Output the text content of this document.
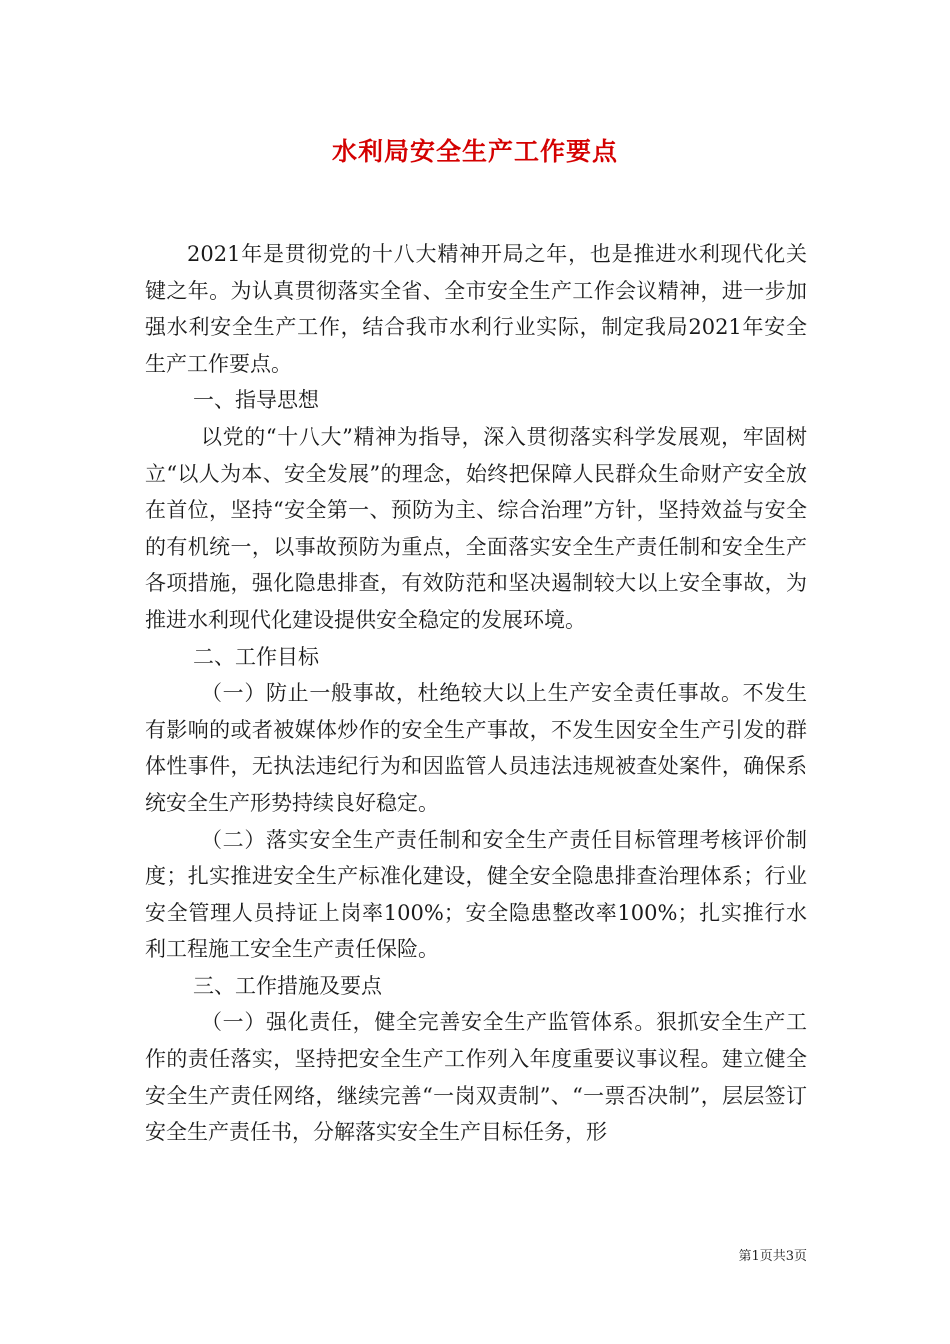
水利局安全生产工作要点

2021年是贯彻党的十八大精神开局之年，也是推进水利现代化关键之年。为认真贯彻落实全省、全市安全生产工作会议精神，进一步加强水利安全生产工作，结合我市水利行业实际，制定我局2021年安全生产工作要点。

一、指导思想

以党的“十八大”精神为指导，深入贯彻落实科学发展观，牢固树立“以人为本、安全发展”的理念，始终把保障人民群众生命财产安全放在首位，坚持“安全第一、预防为主、综合治理”方针，坚持效益与安全的有机统一，以事故预防为重点，全面落实安全生产责任制和安全生产各项措施，强化隐患排查，有效防范和坚决遏制较大以上安全事故，为推进水利现代化建设提供安全稳定的发展环境。

二、工作目标

（一）防止一般事故，杜绝较大以上生产安全责任事故。不发生有影响的或者被媒体炒作的安全生产事故，不发生因安全生产引发的群体性事件，无执法违纪行为和因监管人员违法违规被查处案件，确保系统安全生产形势持续良好稳定。

（二）落实安全生产责任制和安全生产责任目标管理考核评价制度；扎实推进安全生产标准化建设，健全安全隐患排查治理体系；行业安全管理人员持证上岗率100%；安全隐患整改率100%；扎实推行水利工程施工安全生产责任保险。

三、工作措施及要点

（一）强化责任，健全完善安全生产监管体系。狠抓安全生产工作的责任落实，坚持把安全生产工作列入年度重要议事议程。建立健全安全生产责任网络，继续完善“一岗双责制”、“一票否决制”，层层签订安全生产责任书，分解落实安全生产目标任务，形

第1页共3页
